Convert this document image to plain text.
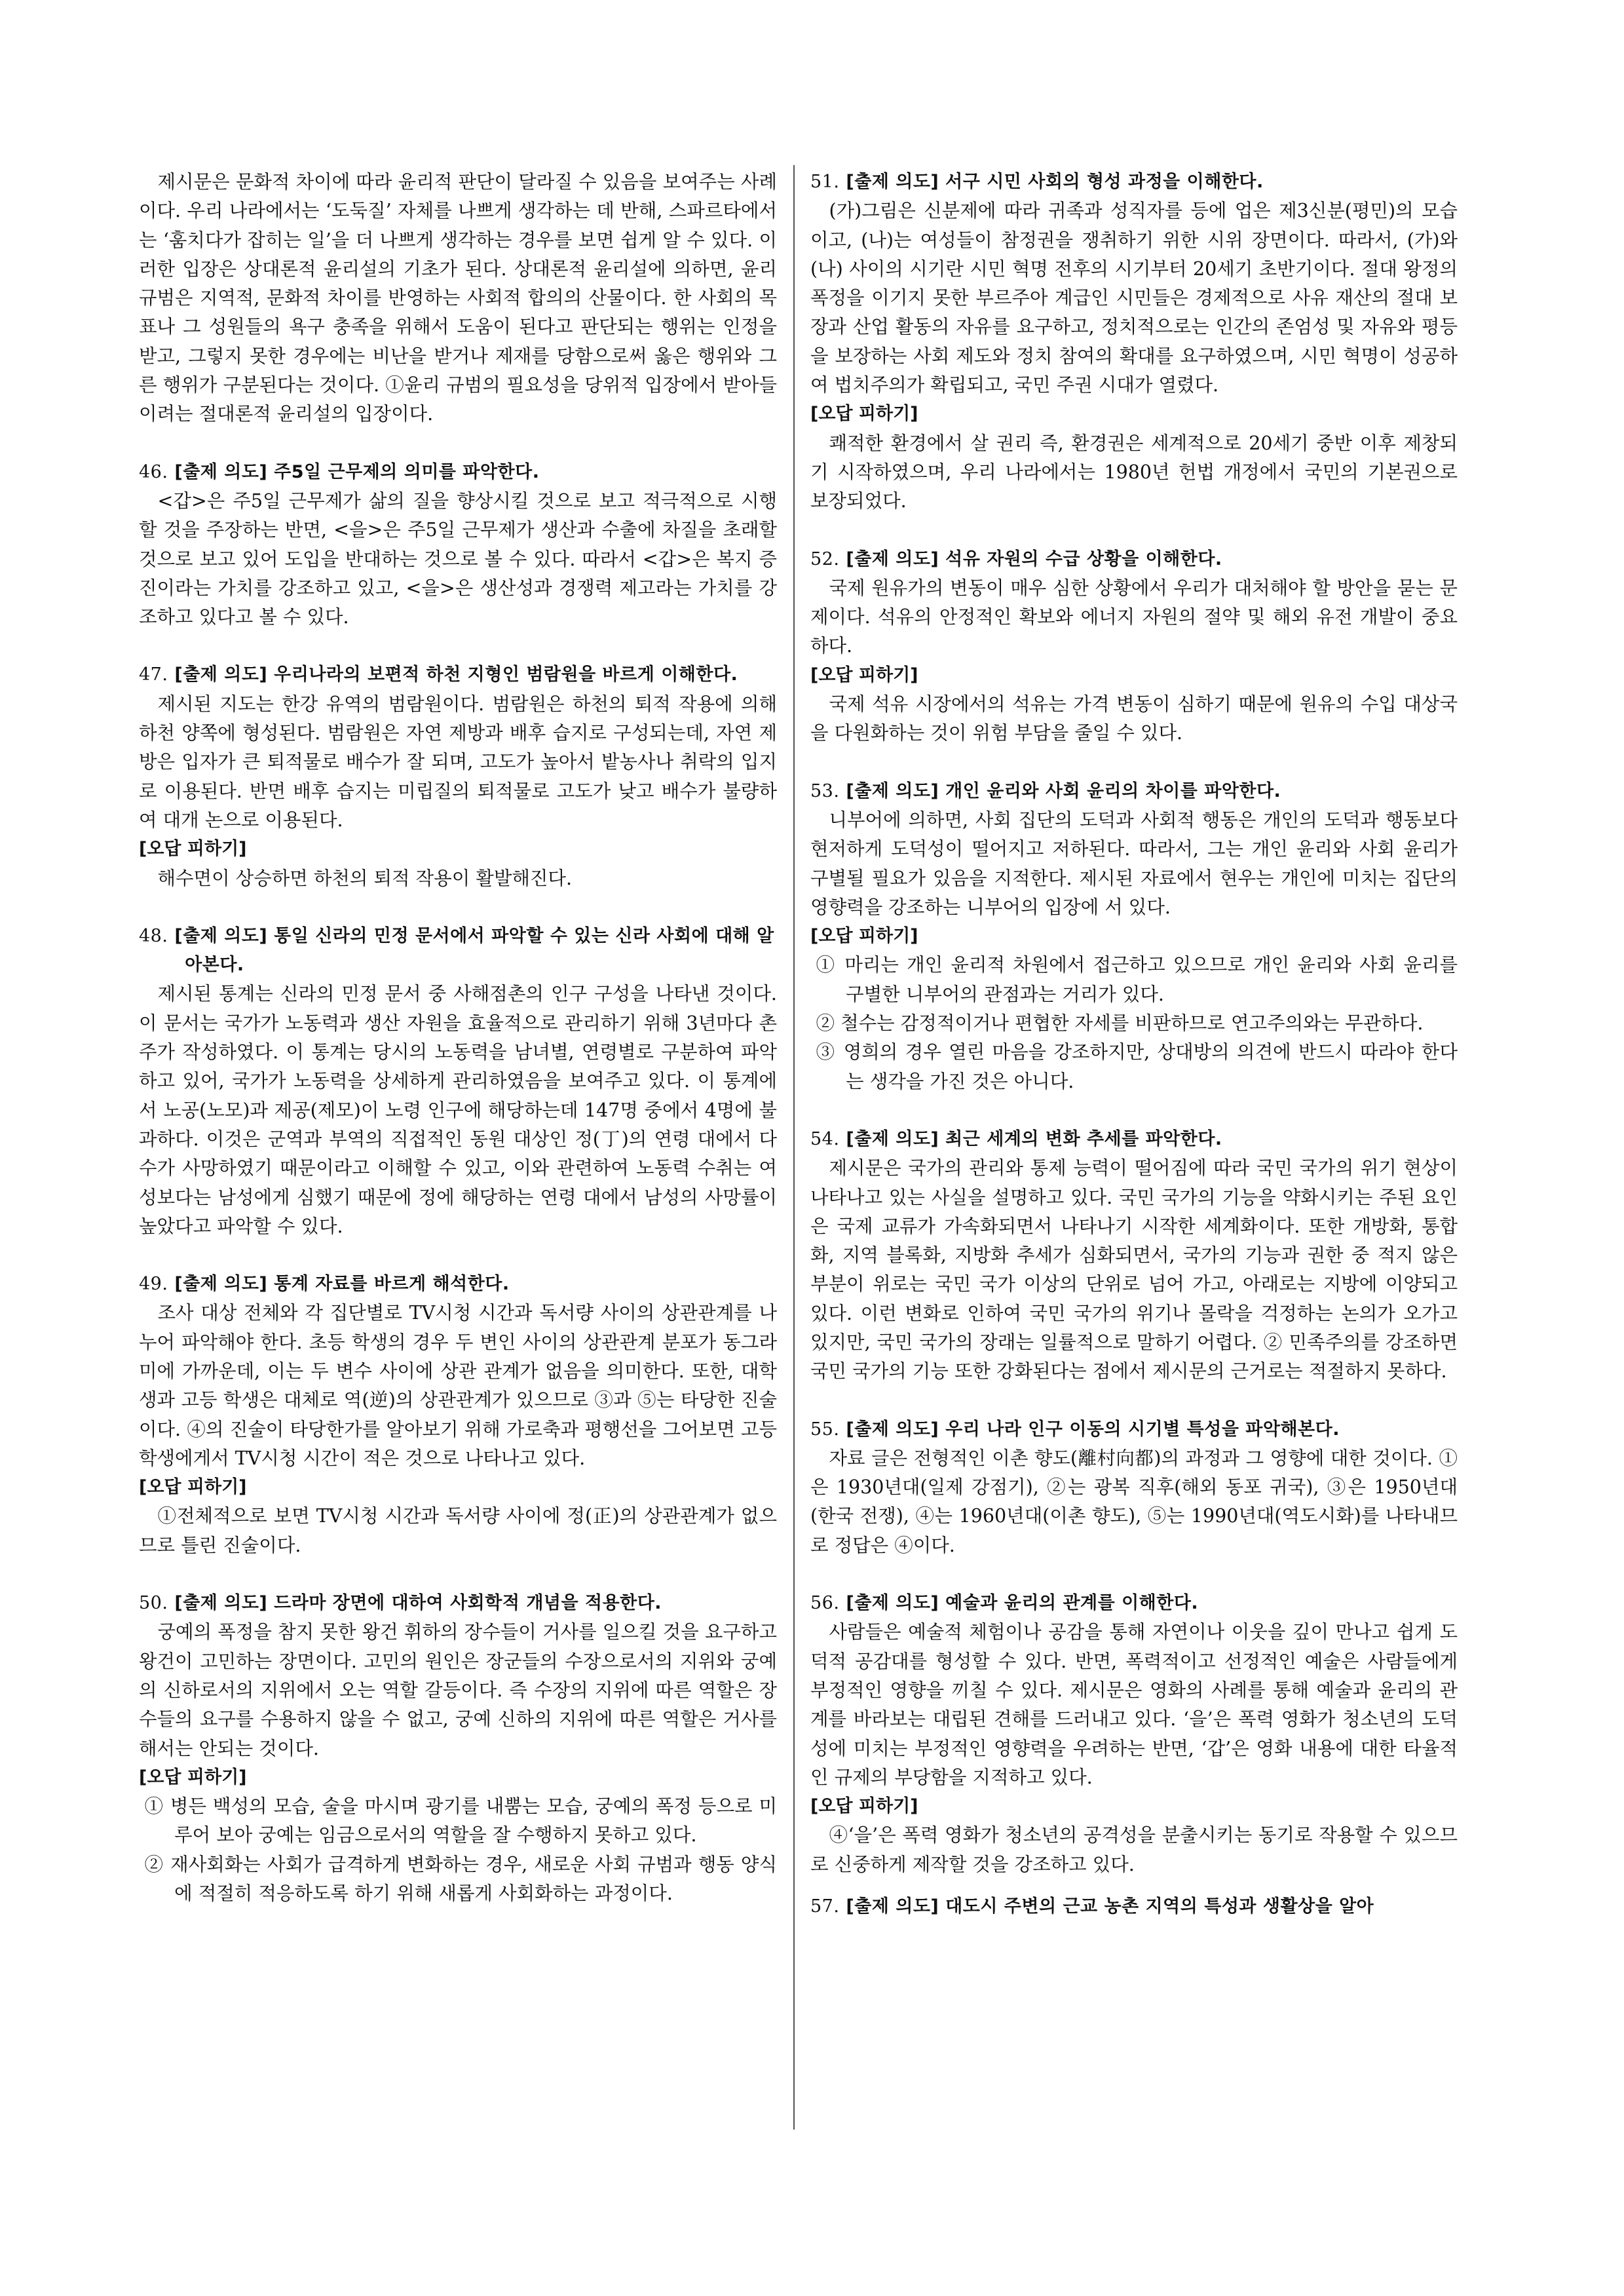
제시문은 문화적 차이에 따라 윤리적 판단이 달라질 수 있음을 보여주는 사례이다. 우리 나라에서는 ‘도둑질’ 자체를 나쁘게 생각하는 데 반해, 스파르타에서는 ‘훔치다가 잡히는 일’을 더 나쁘게 생각하는 경우를 보면 쉽게 알 수 있다. 이러한 입장은 상대론적 윤리설의 기초가 된다. 상대론적 윤리설에 의하면, 윤리 규범은 지역적, 문화적 차이를 반영하는 사회적 합의의 산물이다. 한 사회의 목표나 그 성원들의 욕구 충족을 위해서 도움이 된다고 판단되는 행위는 인정을 받고, 그렇지 못한 경우에는 비난을 받거나 제재를 당함으로써 옳은 행위와 그른 행위가 구분된다는 것이다. ①윤리 규범의 필요성을 당위적 입장에서 받아들이려는 절대론적 윤리설의 입장이다.

46. [출제 의도] 주5일 근무제의 의미를 파악한다.

<갑>은 주5일 근무제가 삶의 질을 향상시킬 것으로 보고 적극적으로 시행할 것을 주장하는 반면, <을>은 주5일 근무제가 생산과 수출에 차질을 초래할 것으로 보고 있어 도입을 반대하는 것으로 볼 수 있다. 따라서 <갑>은 복지 증진이라는 가치를 강조하고 있고, <을>은 생산성과 경쟁력 제고라는 가치를 강조하고 있다고 볼 수 있다.

47. [출제 의도] 우리나라의 보편적 하천 지형인 범람원을 바르게 이해한다.

제시된 지도는 한강 유역의 범람원이다. 범람원은 하천의 퇴적 작용에 의해 하천 양쪽에 형성된다. 범람원은 자연 제방과 배후 습지로 구성되는데, 자연 제방은 입자가 큰 퇴적물로 배수가 잘 되며, 고도가 높아서 밭농사나 취락의 입지로 이용된다. 반면 배후 습지는 미립질의 퇴적물로 고도가 낮고 배수가 불량하여 대개 논으로 이용된다.

[오답 피하기]

해수면이 상승하면 하천의 퇴적 작용이 활발해진다.

48. [출제 의도] 통일 신라의 민정 문서에서 파악할 수 있는 신라 사회에 대해 알아본다.

제시된 통계는 신라의 민정 문서 중 사해점촌의 인구 구성을 나타낸 것이다. 이 문서는 국가가 노동력과 생산 자원을 효율적으로 관리하기 위해 3년마다 촌주가 작성하였다. 이 통계는 당시의 노동력을 남녀별, 연령별로 구분하여 파악하고 있어, 국가가 노동력을 상세하게 관리하였음을 보여주고 있다. 이 통계에서 노공(노모)과 제공(제모)이 노령 인구에 해당하는데 147명 중에서 4명에 불과하다. 이것은 군역과 부역의 직접적인 동원 대상인 정(丁)의 연령 대에서 다수가 사망하였기 때문이라고 이해할 수 있고, 이와 관련하여 노동력 수취는 여성보다는 남성에게 심했기 때문에 정에 해당하는 연령 대에서 남성의 사망률이 높았다고 파악할 수 있다.

49. [출제 의도] 통계 자료를 바르게 해석한다.

조사 대상 전체와 각 집단별로 TV시청 시간과 독서량 사이의 상관관계를 나누어 파악해야 한다. 초등 학생의 경우 두 변인 사이의 상관관계 분포가 동그라미에 가까운데, 이는 두 변수 사이에 상관 관계가 없음을 의미한다. 또한, 대학생과 고등 학생은 대체로 역(逆)의 상관관계가 있으므로 ③과 ⑤는 타당한 진술이다. ④의 진술이 타당한가를 알아보기 위해 가로축과 평행선을 그어보면 고등 학생에게서 TV시청 시간이 적은 것으로 나타나고 있다.

[오답 피하기]

①전체적으로 보면 TV시청 시간과 독서량 사이에 정(正)의 상관관계가 없으므로 틀린 진술이다.

50. [출제 의도] 드라마 장면에 대하여 사회학적 개념을 적용한다.

궁예의 폭정을 참지 못한 왕건 휘하의 장수들이 거사를 일으킬 것을 요구하고 왕건이 고민하는 장면이다. 고민의 원인은 장군들의 수장으로서의 지위와 궁예의 신하로서의 지위에서 오는 역할 갈등이다. 즉 수장의 지위에 따른 역할은 장수들의 요구를 수용하지 않을 수 없고, 궁예 신하의 지위에 따른 역할은 거사를 해서는 안되는 것이다.

[오답 피하기]

① 병든 백성의 모습, 술을 마시며 광기를 내뿜는 모습, 궁예의 폭정 등으로 미루어 보아 궁예는 임금으로서의 역할을 잘 수행하지 못하고 있다.

② 재사회화는 사회가 급격하게 변화하는 경우, 새로운 사회 규범과 행동 양식에 적절히 적응하도록 하기 위해 새롭게 사회화하는 과정이다.

51. [출제 의도] 서구 시민 사회의 형성 과정을 이해한다.

(가)그림은 신분제에 따라 귀족과 성직자를 등에 업은 제3신분(평민)의 모습이고, (나)는 여성들이 참정권을 쟁취하기 위한 시위 장면이다. 따라서, (가)와 (나) 사이의 시기란 시민 혁명 전후의 시기부터 20세기 초반기이다. 절대 왕정의 폭정을 이기지 못한 부르주아 계급인 시민들은 경제적으로 사유 재산의 절대 보장과 산업 활동의 자유를 요구하고, 정치적으로는 인간의 존엄성 및 자유와 평등을 보장하는 사회 제도와 정치 참여의 확대를 요구하였으며, 시민 혁명이 성공하여 법치주의가 확립되고, 국민 주권 시대가 열렸다.

[오답 피하기]

쾌적한 환경에서 살 권리 즉, 환경권은 세계적으로 20세기 중반 이후 제창되기 시작하였으며, 우리 나라에서는 1980년 헌법 개정에서 국민의 기본권으로 보장되었다.

52. [출제 의도] 석유 자원의 수급 상황을 이해한다.

국제 원유가의 변동이 매우 심한 상황에서 우리가 대처해야 할 방안을 묻는 문제이다. 석유의 안정적인 확보와 에너지 자원의 절약 및 해외 유전 개발이 중요하다.

[오답 피하기]

국제 석유 시장에서의 석유는 가격 변동이 심하기 때문에 원유의 수입 대상국을 다원화하는 것이 위험 부담을 줄일 수 있다.

53. [출제 의도] 개인 윤리와 사회 윤리의 차이를 파악한다.

니부어에 의하면, 사회 집단의 도덕과 사회적 행동은 개인의 도덕과 행동보다 현저하게 도덕성이 떨어지고 저하된다. 따라서, 그는 개인 윤리와 사회 윤리가 구별될 필요가 있음을 지적한다. 제시된 자료에서 현우는 개인에 미치는 집단의 영향력을 강조하는 니부어의 입장에 서 있다.

[오답 피하기]

① 마리는 개인 윤리적 차원에서 접근하고 있으므로 개인 윤리와 사회 윤리를 구별한 니부어의 관점과는 거리가 있다.

② 철수는 감정적이거나 편협한 자세를 비판하므로 연고주의와는 무관하다.

③ 영희의 경우 열린 마음을 강조하지만, 상대방의 의견에 반드시 따라야 한다는 생각을 가진 것은 아니다.

54. [출제 의도] 최근 세계의 변화 추세를 파악한다.

제시문은 국가의 관리와 통제 능력이 떨어짐에 따라 국민 국가의 위기 현상이 나타나고 있는 사실을 설명하고 있다. 국민 국가의 기능을 약화시키는 주된 요인은 국제 교류가 가속화되면서 나타나기 시작한 세계화이다. 또한 개방화, 통합화, 지역 블록화, 지방화 추세가 심화되면서, 국가의 기능과 권한 중 적지 않은 부분이 위로는 국민 국가 이상의 단위로 넘어 가고, 아래로는 지방에 이양되고 있다. 이런 변화로 인하여 국민 국가의 위기나 몰락을 걱정하는 논의가 오가고 있지만, 국민 국가의 장래는 일률적으로 말하기 어렵다. ② 민족주의를 강조하면 국민 국가의 기능 또한 강화된다는 점에서 제시문의 근거로는 적절하지 못하다.

55. [출제 의도] 우리 나라 인구 이동의 시기별 특성을 파악해본다.

자료 글은 전형적인 이촌 향도(離村向都)의 과정과 그 영향에 대한 것이다. ①은 1930년대(일제 강점기), ②는 광복 직후(해외 동포 귀국), ③은 1950년대(한국 전쟁), ④는 1960년대(이촌 향도), ⑤는 1990년대(역도시화)를 나타내므로 정답은 ④이다.

56. [출제 의도] 예술과 윤리의 관계를 이해한다.

사람들은 예술적 체험이나 공감을 통해 자연이나 이웃을 깊이 만나고 쉽게 도덕적 공감대를 형성할 수 있다. 반면, 폭력적이고 선정적인 예술은 사람들에게 부정적인 영향을 끼칠 수 있다. 제시문은 영화의 사례를 통해 예술과 윤리의 관계를 바라보는 대립된 견해를 드러내고 있다. ‘을’은 폭력 영화가 청소년의 도덕성에 미치는 부정적인 영향력을 우려하는 반면, ‘갑’은 영화 내용에 대한 타율적인 규제의 부당함을 지적하고 있다.

[오답 피하기]

④‘을’은 폭력 영화가 청소년의 공격성을 분출시키는 동기로 작용할 수 있으므로 신중하게 제작할 것을 강조하고 있다.

57. [출제 의도] 대도시 주변의 근교 농촌 지역의 특성과 생활상을 알아
